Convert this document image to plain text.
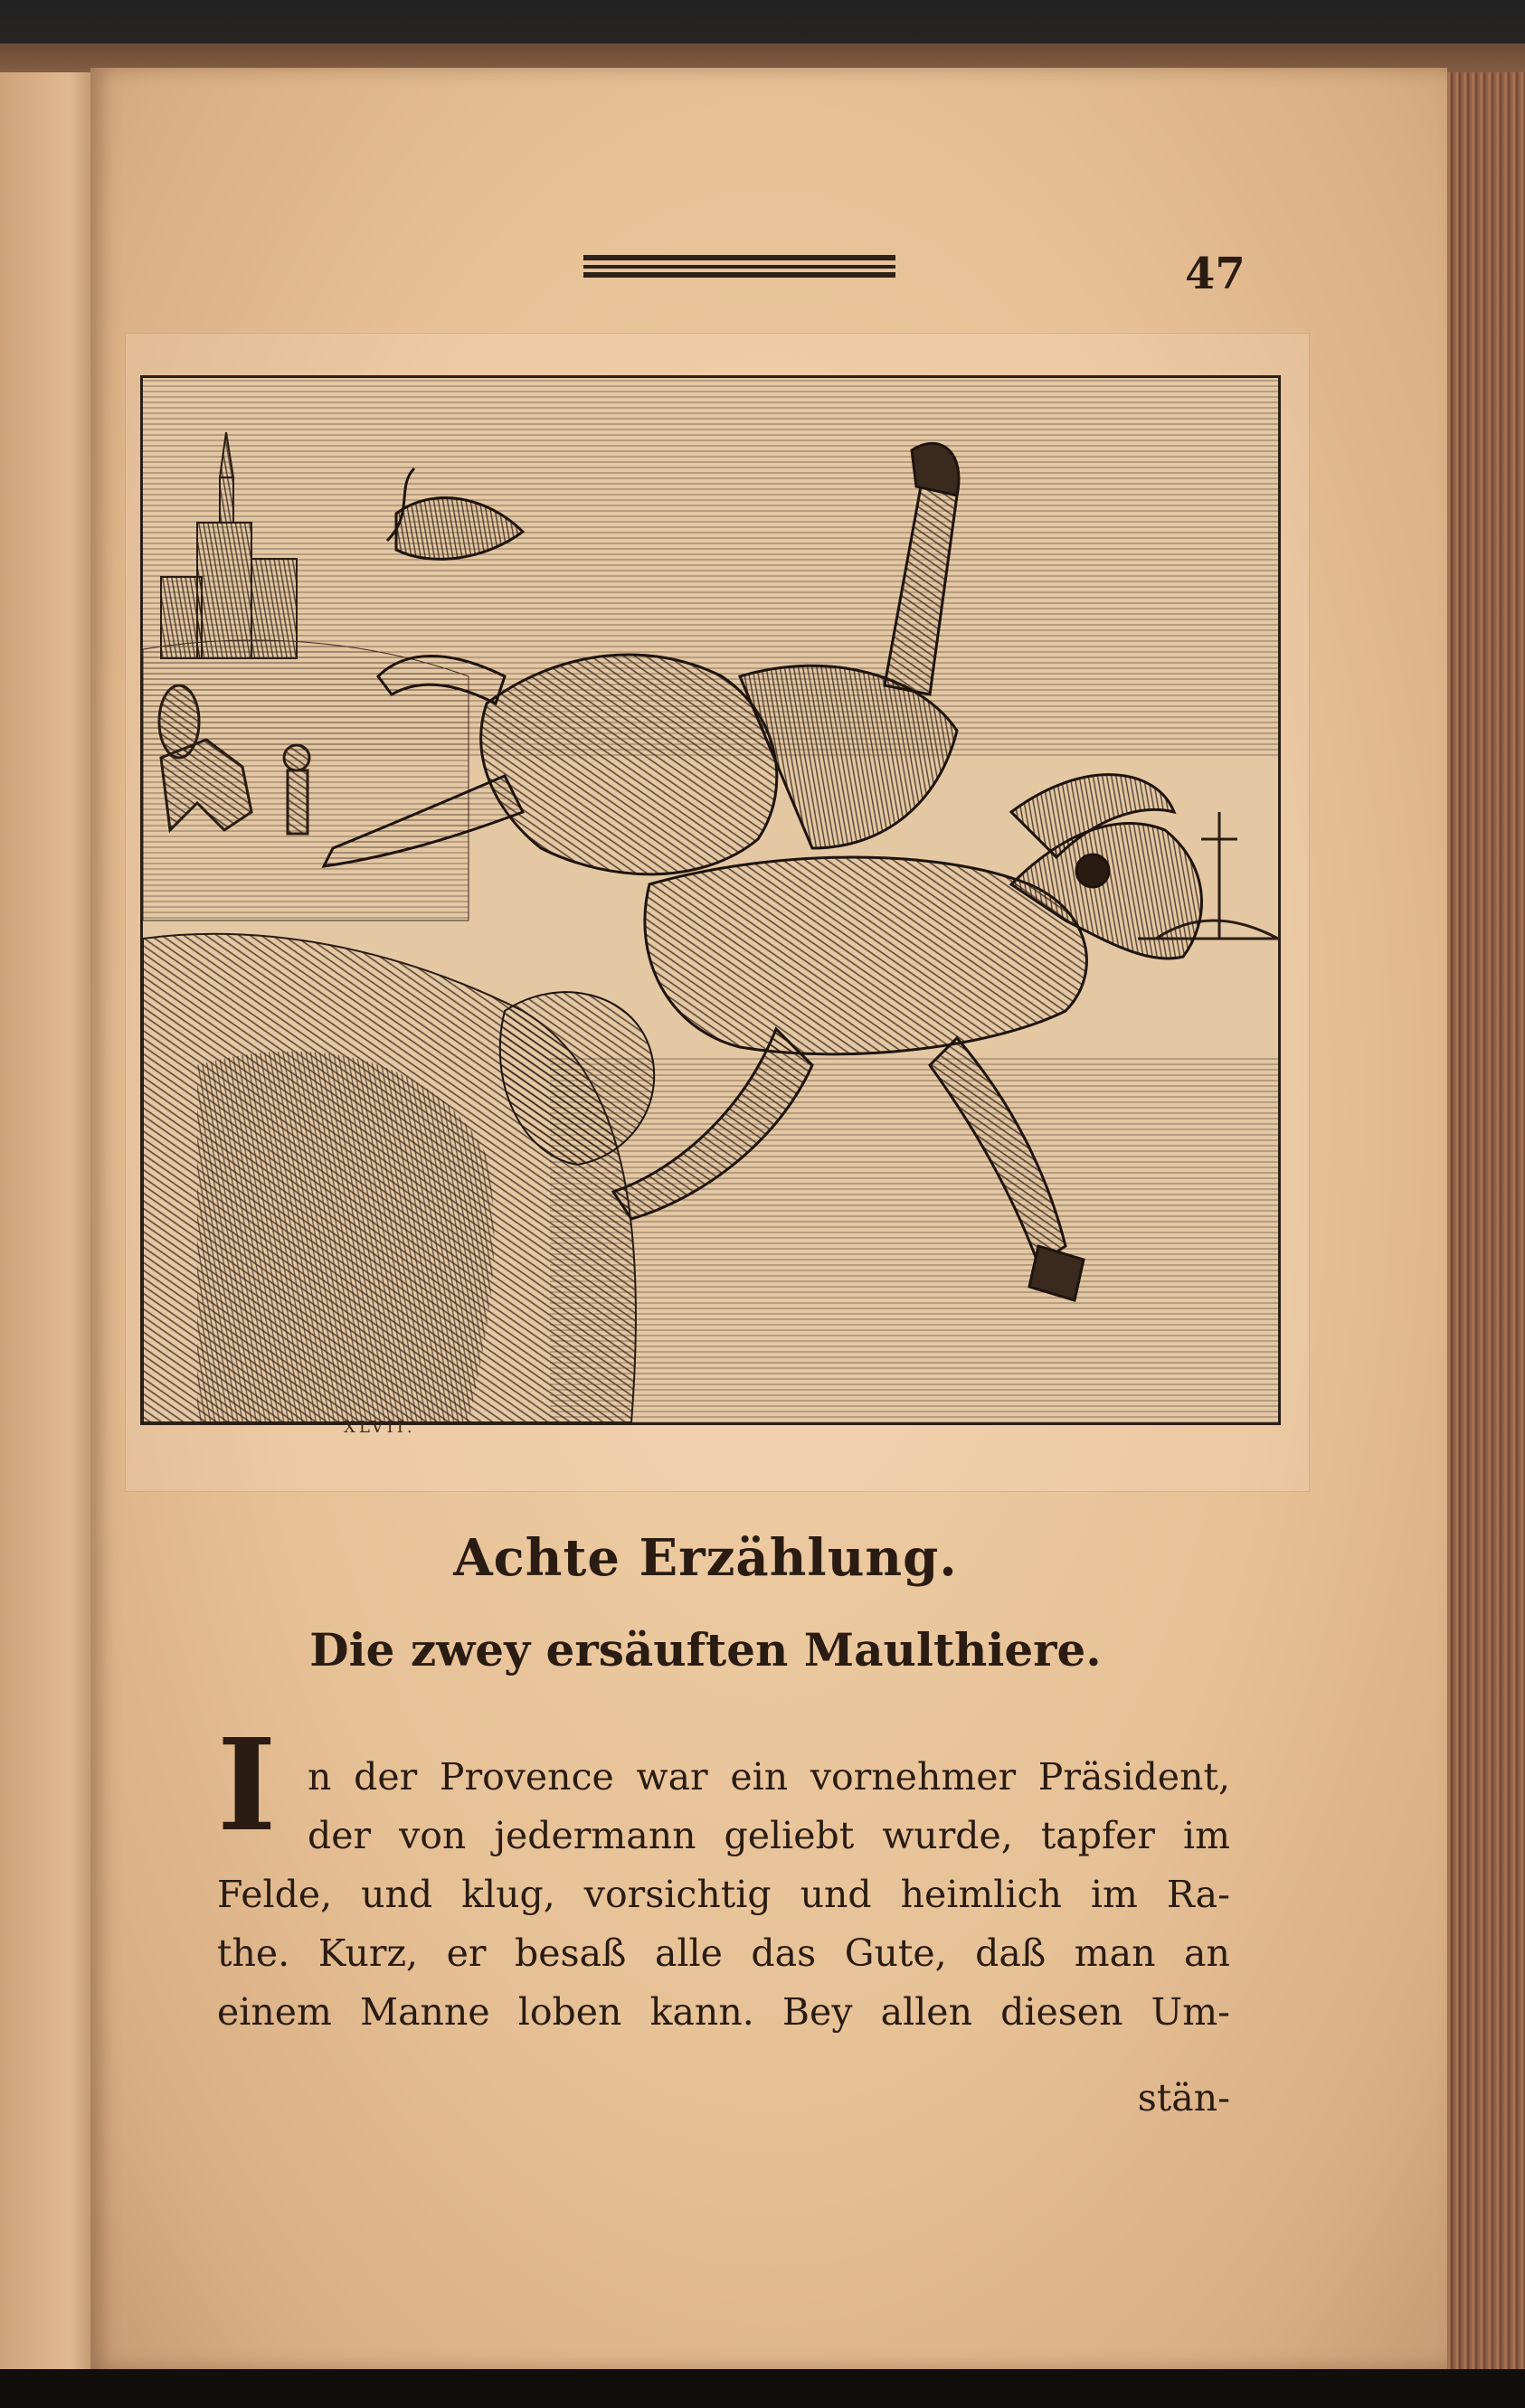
47
XLVII.
Achte Erzählung.
Die zwey ersäuften Maulthiere.
I n der Provence war ein vornehmer Präsident,
der von jedermann geliebt wurde, tapfer im
Felde, und klug, vorsichtig und heimlich im Ra-
the. Kurz, er besaß alle das Gute, daß man an
einem Manne loben kann. Bey allen diesen Um-
stän-
